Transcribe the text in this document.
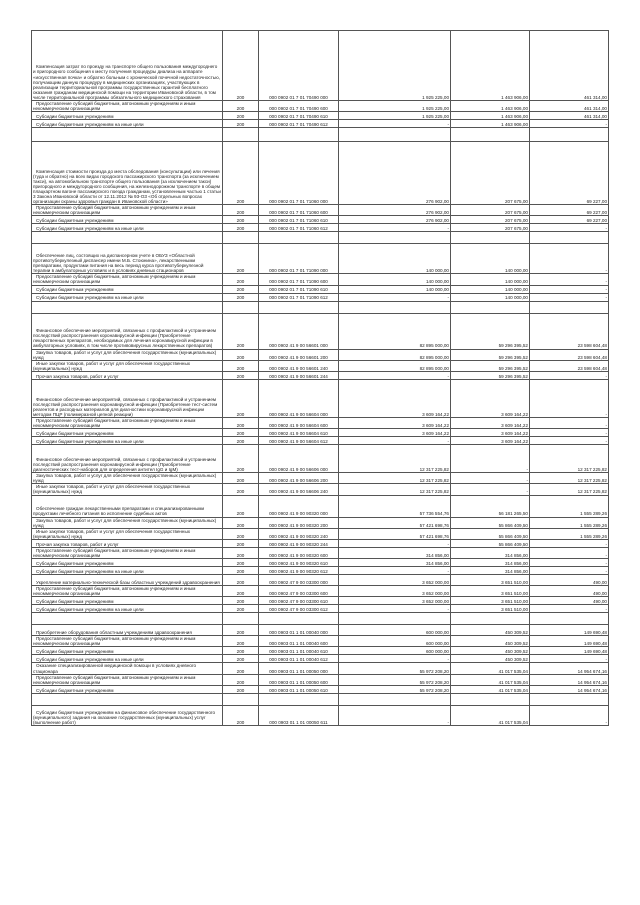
Компенсация затрат по проезду на транспорте общего пользования междугороднего и пригородного сообщения к месту получения процедуры диализа на аппарате «искусственная почка» и обратно больным с хронической почечной недостаточностью, получающим данную процедуру в медицинских организациях, участвующих в реализации территориальной программы государственных гарантий бесплатного оказания гражданам медицинской помощи на территории Ивановской области, в том числе территориальной программы обязательного медицинского страхования	200	000 0902 01 7 01 70490 000	1 925 225,00	1 463 906,00	461 314,00
Предоставление субсидий бюджетным, автономным учреждениям и иным некоммерческим организациям	200	000 0902 01 7 01 70490 600	1 925 225,00	1 463 906,00	461 314,00
Субсидии бюджетным учреждениям	200	000 0902 01 7 01 70490 610	1 925 225,00	1 463 906,00	461 314,00
Субсидии бюджетным учреждениям на иные цели	200	000 0902 01 7 01 70490 612	-	1 463 906,00	-

Компенсация стоимости проезда до места обследования (консультации) или лечения (туда и обратно) на всех видах городского пассажирского транспорта (за исключением такси), на автомобильном транспорте общего пользования (за исключением такси) пригородного и междугородного сообщения, на железнодорожном транспорте в общем плацкартном вагоне пассажирского поезда гражданам, установленным частью 1 статьи 3 Закона Ивановской области от 12.11.2012 № 93-ОЗ «Об отдельных вопросах организации охраны здоровья граждан в Ивановской области»	200	000 0902 01 7 01 71060 000	276 902,00	207 675,00	69 227,00
Предоставление субсидий бюджетным, автономным учреждениям и иным некоммерческим организациям	200	000 0902 01 7 01 71060 600	276 902,00	207 675,00	69 227,00
Субсидии бюджетным учреждениям	200	000 0902 01 7 01 71060 610	276 902,00	207 675,00	69 227,00
Субсидии бюджетным учреждениям на иные цели	200	000 0902 01 7 01 71060 612	-	207 675,00	-

Обеспечение лиц, состоящих на диспансерном учете в ОБУЗ «Областной противотуберкулезный диспансер имени М.Б. Стоюнина», лекарственными препаратами, продуктами питания на весь период курса противотуберкулезной терапии в амбулаторных условиях и в условиях дневных стационаров	200	000 0902 01 7 01 71090 000	140 000,00	140 000,00	-
Предоставление субсидий бюджетным, автономным учреждениям и иным некоммерческим организациям	200	000 0902 01 7 01 71090 600	140 000,00	140 000,00	-
Субсидии бюджетным учреждениям	200	000 0902 01 7 01 71090 610	140 000,00	140 000,00	-
Субсидии бюджетным учреждениям на иные цели	200	000 0902 01 7 01 71090 612	-	140 000,00	-

Финансовое обеспечение мероприятий, связанных с профилактикой и устранением последствий распространения коронавирусной инфекции (Приобретение лекарственных препаратов, необходимых для лечения коронавирусной инфекции в амбулаторных условиях, в том числе противовирусных лекарственных препаратов)	200	000 0902 41 9 00 56601 000	82 895 000,00	59 296 395,52	23 598 604,48
Закупка товаров, работ и услуг для обеспечения государственных (муниципальных) нужд	200	000 0902 41 9 00 56601 200	82 895 000,00	59 296 395,52	23 598 604,48
Иные закупки товаров, работ и услуг для обеспечения государственных (муниципальных) нужд	200	000 0902 41 9 00 56601 240	82 895 000,00	59 296 395,52	23 598 604,48
Прочая закупка товаров, работ и услуг	200	000 0902 41 9 00 56601 244	-	59 296 395,52	-
Финансовое обеспечение мероприятий, связанных с профилактикой и устранением последствий распространения коронавирусной инфекции (Приобретение тест-систем реагентов и расходных материалов для диагностики коронавирусной инфекции методом ПЦР (полимеразной цепной реакции)	200	000 0902 41 9 00 56604 000	3 609 164,22	3 609 164,22	-
Предоставление субсидий бюджетным, автономным учреждениям и иным некоммерческим организациям	200	000 0902 41 9 00 56604 600	3 609 164,22	3 609 164,22	-
Субсидии бюджетным учреждениям	200	000 0902 41 9 00 56604 610	3 609 164,22	3 609 164,22	-
Субсидии бюджетным учреждениям на иные цели	200	000 0902 41 9 00 56604 612	-	3 609 164,22	-
Финансовое обеспечение мероприятий, связанных с профилактикой и устранением последствий распространения коронавирусной инфекции (Приобретение диагностических тест-наборов для определения антител IgG и IgM)	200	000 0902 41 9 00 56606 000	12 317 225,82	-	12 317 225,82
Закупка товаров, работ и услуг для обеспечения государственных (муниципальных) нужд	200	000 0902 41 9 00 56606 200	12 317 225,82	-	12 317 225,82
Иные закупки товаров, работ и услуг для обеспечения государственных (муниципальных) нужд	200	000 0902 41 9 00 56606 240	12 317 225,82	-	12 317 225,82
Обеспечение граждан лекарственными препаратами и специализированными продуктами лечебного питания во исполнение судебных актов	200	000 0902 41 9 00 90320 000	57 736 554,76	56 181 265,50	1 555 289,26
Закупка товаров, работ и услуг для обеспечения государственных (муниципальных) нужд	200	000 0902 41 9 00 90320 200	57 421 698,76	55 866 409,50	1 555 289,26
Иные закупки товаров, работ и услуг для обеспечения государственных (муниципальных) нужд	200	000 0902 41 9 00 90320 240	57 421 698,76	55 866 409,50	1 555 289,26
Прочая закупка товаров, работ и услуг	200	000 0902 41 9 00 90320 244	-	55 866 409,50	-
Предоставление субсидий бюджетным, автономным учреждениям и иным некоммерческим организациям	200	000 0902 41 9 00 90320 600	314 856,00	314 856,00	-
Субсидии бюджетным учреждениям	200	000 0902 41 9 00 90320 610	314 856,00	314 856,00	-
Субсидии бюджетным учреждениям на иные цели	200	000 0902 41 9 00 90320 612	-	314 856,00	-
Укрепление материально-технической базы областных учреждений здравоохранения	200	000 0902 47 9 00 03300 000	3 652 000,00	3 651 510,00	490,00
Предоставление субсидий бюджетным, автономным учреждениям и иным некоммерческим организациям	200	000 0902 47 9 00 03300 600	3 652 000,00	3 651 510,00	490,00
Субсидии бюджетным учреждениям	200	000 0902 47 9 00 03300 610	3 652 000,00	3 651 510,00	490,00
Субсидии бюджетным учреждениям на иные цели	200	000 0902 47 9 00 03300 612	-	3 651 510,00	-

Приобретение оборудования областным учреждениям здравоохранения	200	000 0903 01 1 01 00040 000	600 000,00	450 309,52	149 690,48
Предоставление субсидий бюджетным, автономным учреждениям и иным некоммерческим организациям	200	000 0903 01 1 01 00040 600	600 000,00	450 309,52	149 690,48
Субсидии бюджетным учреждениям	200	000 0903 01 1 01 00040 610	600 000,00	450 309,52	149 690,48
Субсидии бюджетным учреждениям на иные цели	200	000 0903 01 1 01 00040 612	-	450 309,52	-
Оказание специализированной медицинской помощи в условиях дневного стационара	200	000 0903 01 1 01 00050 000	55 972 208,20	41 017 535,04	14 954 674,16
Предоставление субсидий бюджетным, автономным учреждениям и иным некоммерческим организациям	200	000 0903 01 1 01 00050 600	55 972 208,20	41 017 535,04	14 954 674,16
Субсидии бюджетным учреждениям	200	000 0903 01 1 01 00050 610	55 972 208,20	41 017 535,04	14 954 674,16

Субсидии бюджетным учреждениям на финансовое обеспечение государственного (муниципального) задания на оказание государственных (муниципальных) услуг (выполнение работ)	200	000 0903 01 1 01 00050 611	-	41 017 535,04	-
